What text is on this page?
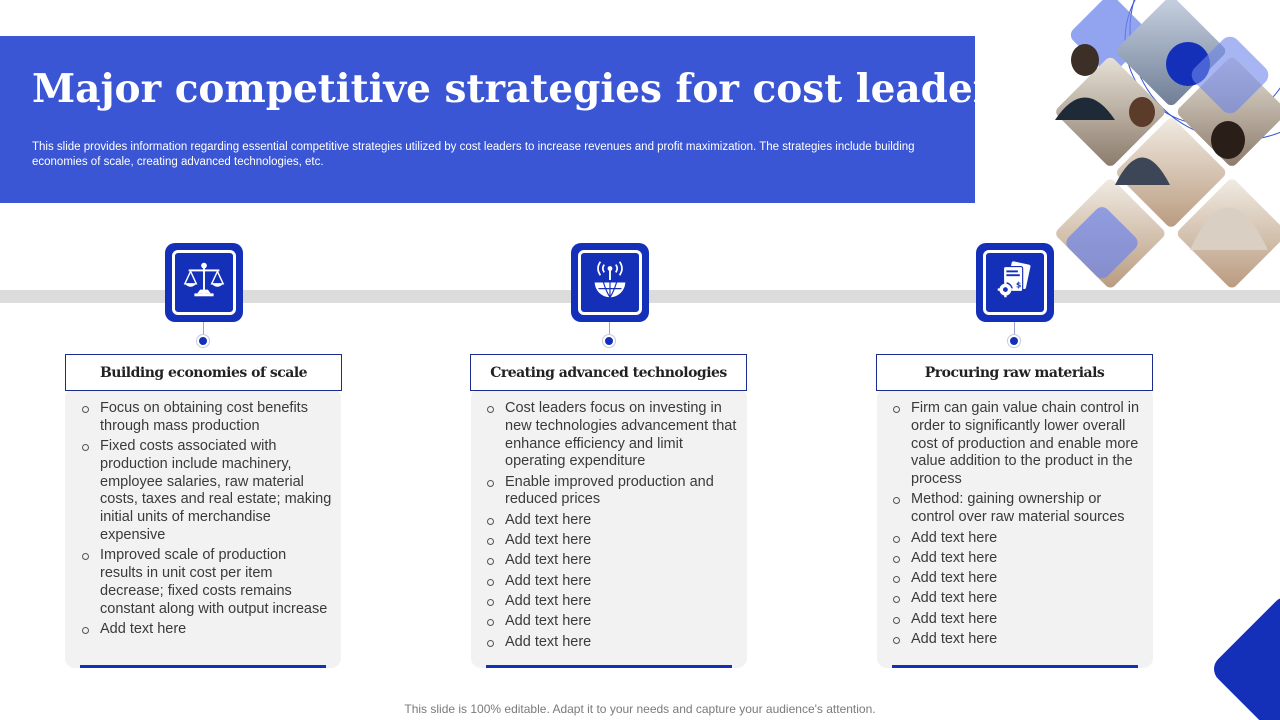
Major competitive strategies for cost leaders

This slide provides information regarding essential competitive strategies utilized by cost leaders to increase revenues and profit maximization. The strategies include building economies of scale, creating advanced technologies, etc.

Building economies of scale
Focus on obtaining cost benefits through mass production
Fixed costs associated with production include machinery, employee salaries, raw material costs, taxes and real estate; making initial units of merchandise expensive
Improved scale of production results in unit cost per item decrease; fixed costs remains constant along with output increase
Add text here
Creating advanced technologies
Cost leaders focus on investing in new technologies advancement that enhance efficiency and limit operating expenditure
Enable improved production and reduced prices
Add text here
Add text here
Add text here
Add text here
Add text here
Add text here
Add text here
$
Procuring raw materials
Firm can gain value chain control in order to significantly lower overall cost of production and enable more value addition to the product in the process
Method: gaining ownership or control over raw material sources
Add text here
Add text here
Add text here
Add text here
Add text here
Add text here
This slide is 100% editable. Adapt it to your needs and capture your audience's attention.
